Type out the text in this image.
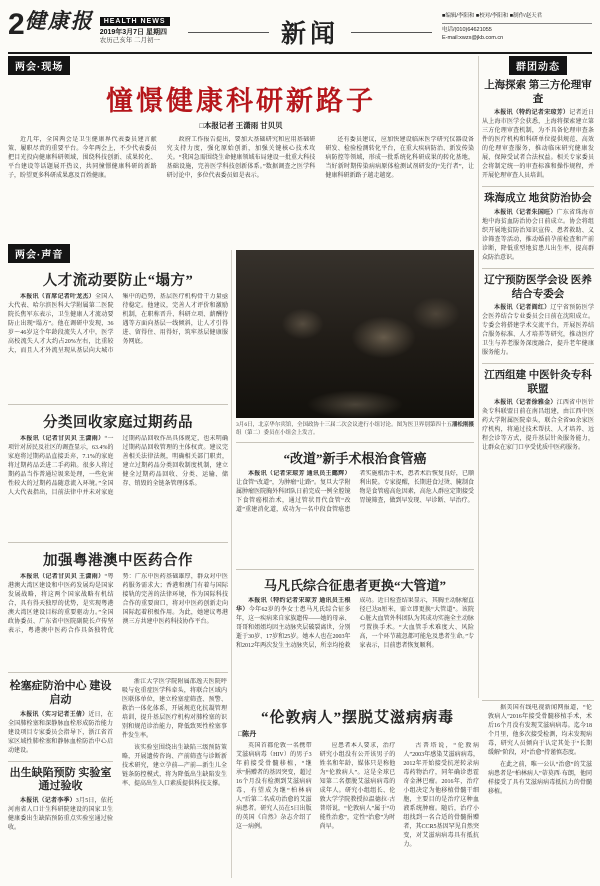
2 健康报	HEALTH NEWS
2019年3月7日 星期四
农历己亥年 二月初一	新闻
■编辑/李阳和 ■校对/李阳和 ■制作/赵天君
电话/(010)64621055
E-mail:xwzx@jkb.com.cn
两会·现场
憧憬健康科研新路子
□本报记者 王潇雨 甘贝贝

近几年，全国两会是卫生健康界代表委员建言献策、履职尽责的重要平台。今年两会上，不少代表委员把目光投向健康科研领域，围绕科技创新、成果转化、平台建设等话题展开热议，共同憧憬健康科研的新路子，盼望更多科研成果惠及百姓健康。

政府工作报告提出，要加大基础研究和应用基础研究支持力度，强化原始创新，加强关键核心技术攻关。“我国急需围绕生命健康领域布局建设一批重大科技基础设施，完善医学科技创新体系。”数据调查之医学科研讨论中，多位代表委员如是表示。

还有委员建议，应加快建设临床医学研究仪器设备研发、检验检测转化平台，在重大疾病防治、新发传染病防控等领域，形成一批系统化科研成果的转化基地，当好新时期传染病病原体检测试剂研发的“先行者”，让健康科研新路子越走越宽。

两会·声音
人才流动要防止“塌方”

本报讯（首席记者叶龙杰）全国人大代表、哈尔滨医科大学附属第二医院院长焦军东表示，卫生健康人才流动要防止出现“塌方”。他在调研中发现，36岁～46岁这个年龄段流失人才中，医学高校流失人才大约占20%左右，比重较大，而且人才外流呈现从基层向大城市集中的趋势，基层医疗机构骨干力量亟待稳定。他建议，完善人才评价和激励机制，在职称晋升、科研立项、薪酬待遇等方面向基层一线倾斜，让人才引得进、留得住、用得好，筑牢基层健康服务网底。

分类回收家庭过期药品

本报讯（记者甘贝贝 王潇雨）“一项针对居民及社区的调查显示，63.4%的家庭将过期药品直接丢弃，7.1%的家庭将过期药品丢进二手药箱。很多人将过期药品当作普通垃圾来处理，一些危害性较大的过期药品随意流入环境。”全国人大代表指出，目前法律中并未对家庭过期药品回收作出具体规定，也未明确过期药品回收管理的主体权责。建议完善相关法律法规，明确相关部门职责，建立过期药品分类回收制度机制，建立健全过期药品回收、分类、运输、储存、销毁的全链条管理体系。

加强粤港澳中医药合作

本报讯（记者甘贝贝 王潇雨）“粤港澳大湾区建设和中医药发展均是国家发展战略，将这两个国家战略有机结合，具有得天独厚的优势，是实现粤港澳大湾区建设目标的重要驱动力。”全国政协委员、广东省中医院副院长卢传坚表示，粤港澳中医药合作具备独特优势：广东中医药基础雄厚，群众对中医药服务需求大；香港和澳门有着与国际接轨的完善的法律环境，作为国际科技合作的重要窗口，将对中医药创新走向国际起着积极作用。为此，她建议粤港澳三方共建中医药科技协作平台。

栓塞症防治中心 建设启动

本报讯（实习记者王倩）近日，在全国肺栓塞和深静脉血栓形成防治能力建设项目专家委员会指导下，浙江省首家区域性肺栓塞和静脉血栓防治中心启动建设。

出生缺陷预防 实验室通过验收

本报讯（记者李季）3月5日，依托河南省人口计生科研院建设的国家卫生健康委出生缺陷预防重点实验室通过验收。

浙江大学医学院附属邵逸夫医院呼吸与危重症医学科牵头，将联合区域内医联体单位，建立栓塞症筛查、预警、救治一体化体系，开展规范化抗凝管理培训，提升基层医疗机构对肺栓塞的识别和规范诊治能力，降低致死性栓塞事件发生率。

该实验室围绕出生缺陷三级预防策略，开展遗传咨询、产前筛查与诊断新技术研究，建立孕前—产前—新生儿全链条防控模式，将为降低出生缺陷发生率、提高出生人口素质提供科技支撑。

潘松刚摄
3月6日，北京华尔宾馆，全国政协十三届二次会议进行小组讨论。图为医卫界别第四十五组（第二）委员在小组会上发言。
“改道”新手术根治食管癌

本报讯（记者宋琼芳 通讯员王懿辉）让食管“改道”，为肿瘤“让路”。复旦大学附属肿瘤医院胸外科团队日前完成一例全腔镜下食管癌根治术，通过管状胃代食管“改道”重建消化道，成功为一名中段食管癌患者实施根治手术，患者术后恢复良好，已顺利出院。专家提醒，长期进食过烫、腌制食物是食管癌高危因素，高危人群应定期接受胃镜筛查，做到早发现、早诊断、早治疗。

马凡氏综合征患者更换“大管道”

本报讯（特约记者宋琼芳 通讯员王根华）今年62岁的李女士患马凡氏综合征多年，这一疾病来自家族遗传——她的母亲、哥哥和姐姐均因主动脉夹层破裂离世，分别逝于30岁、17岁和25岁。她本人也在2003年和2012年两次发生主动脉夹层，所幸均抢救成功。近日检查结果显示，其胸主动脉瘤直径已达8厘米，需立即更换“大管道”。该院心脏大血管外科团队为其成功实施全主动脉弓置换手术。“大血管手术难度大、风险高，一个环节疏忽都可能危及患者生命。”专家表示，目前患者恢复顺利。

“伦敦病人”摆脱艾滋病病毒
□陈丹

英国首都伦敦一名携带艾滋病病毒（HIV）的男子3年前接受骨髓移植，“继承”捐赠者的基因突变，超过16个月没有检测到艾滋病病毒，有望成为继“柏林病人”后第二名成功治愈的艾滋病患者。研究人员在5日出版的英国《自然》杂志介绍了这一病例。

应患者本人要求，治疗研究小组没有公开该男子的姓名和年龄，媒体只是称他为“伦敦病人”。这是全球已知第二名摆脱艾滋病病毒的成年人。研究小组组长、伦敦大学学院教授拉温德拉·古普塔说，“伦敦病人”属于“功能性治愈”，定性“治愈”为时尚早。

古普塔说，“伦敦病人”2003年感染艾滋病病毒，2012年开始接受抗逆转录病毒药物治疗，同年确诊患霍奇金淋巴瘤。2016年，治疗小组决定为他移植骨髓干细胞，主要目的是治疗这种血液系统肿瘤。随后，治疗小组找到一名合适的骨髓捐赠者，其CCR5基因罕见自然突变，对艾滋病病毒具有抵抗力。

据美国有线电视新闻网报道，“伦敦病人”2016年接受骨髓移植手术，术后16个月没有发现艾滋病病毒。迄今18个月里，他多次接受检测，均未发现病毒，研究人员倾向于认定其处于“长期缓解”阶段，对“治愈”持谨慎态度。

在此之前，唯一公认“治愈”的艾滋病患者是“柏林病人”蒂莫西·布朗，他同样接受了具有艾滋病病毒抵抗力的骨髓移植。

群团动态
上海探索 第三方伦理审查

本报讯（特约记者宋琼芳）记者近日从上海市医学会获悉，上海将探索建立第三方伦理审查机制，为不具备伦理审查条件的医疗机构和科研单位提供规范、高效的伦理审查服务，推动临床研究健康发展，保障受试者合法权益。相关专家委员会将制定统一的审查标准和操作规程，并开展伦理审查人员培训。

珠海成立 地贫防治协会

本报讯（记者朱国旺）广东省珠海市地中海贫血防治协会日前成立。协会将组织开展地贫防治知识宣传、患者救助、义诊筛查等活动，推动婚前孕前检查和产前诊断，降低重型地贫患儿出生率，提高群众防治意识。

辽宁预防医学会设 医养结合专委会

本报讯（记者阎红）辽宁省预防医学会医养结合专业委员会日前在沈阳成立。专委会将搭建学术交流平台，开展医养结合服务标准、人才培养等研究，推动医疗卫生与养老服务深度融合，提升老年健康服务能力。

江西组建 中医针灸专科联盟

本报讯（记者徐雅金）江西省中医针灸专科联盟日前在南昌组建，由江西中医药大学附属医院牵头，联合全省90余家医疗机构，将通过技术帮扶、人才培养、远程会诊等方式，提升基层针灸服务能力，让群众在家门口享受优质中医药服务。
